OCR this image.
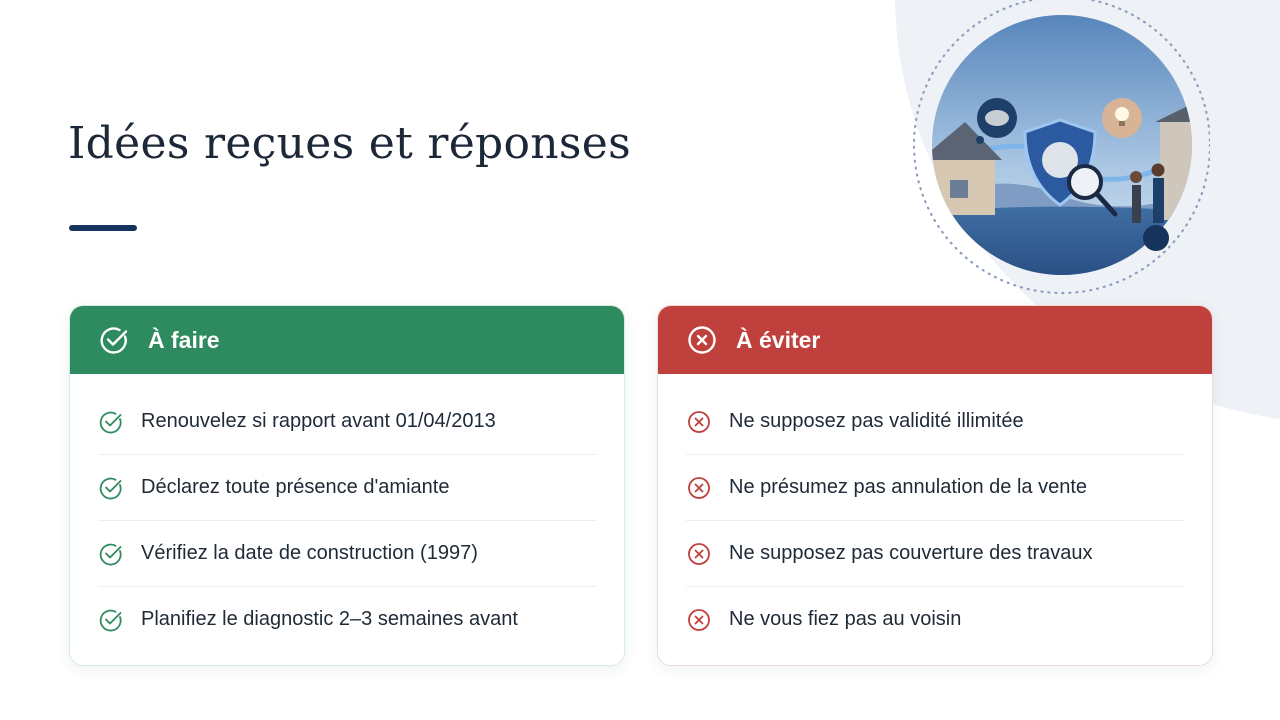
Idées reçues et réponses
À faire
Renouvelez si rapport avant 01/04/2013
Déclarez toute présence d'amiante
Vérifiez la date de construction (1997)
Planifiez le diagnostic 2–3 semaines avant
À éviter
Ne supposez pas validité illimitée
Ne présumez pas annulation de la vente
Ne supposez pas couverture des travaux
Ne vous fiez pas au voisin
